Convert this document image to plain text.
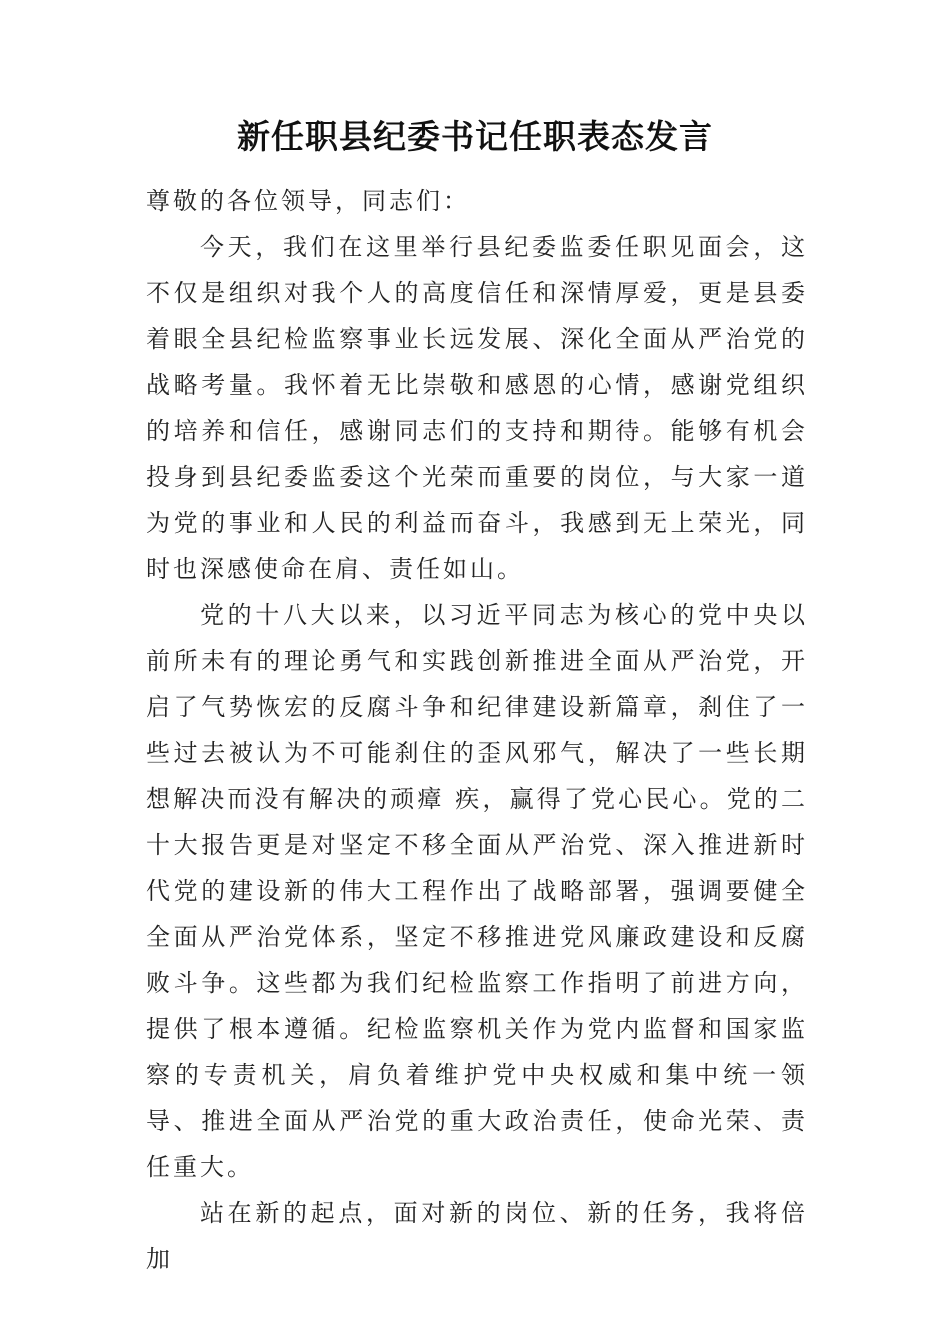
新任职县纪委书记任职表态发言

尊敬的各位领导，同志们：

今天，我们在这里举行县纪委监委任职见面会，这不仅是组织对我个人的高度信任和深情厚爱，更是县委着眼全县纪检监察事业长远发展、深化全面从严治党的战略考量。我怀着无比崇敬和感恩的心情，感谢党组织的培养和信任，感谢同志们的支持和期待。能够有机会投身到县纪委监委这个光荣而重要的岗位，与大家一道为党的事业和人民的利益而奋斗，我感到无上荣光，同时也深感使命在肩、责任如山。

党的十八大以来，以习近平同志为核心的党中央以前所未有的理论勇气和实践创新推进全面从严治党，开启了气势恢宏的反腐斗争和纪律建设新篇章，刹住了一些过去被认为不可能刹住的歪风邪气，解决了一些长期想解决而没有解决的顽瘴 疾，赢得了党心民心。党的二十大报告更是对坚定不移全面从严治党、深入推进新时代党的建设新的伟大工程作出了战略部署，强调要健全全面从严治党体系，坚定不移推进党风廉政建设和反腐败斗争。这些都为我们纪检监察工作指明了前进方向，提供了根本遵循。纪检监察机关作为党内监督和国家监察的专责机关，肩负着维护党中央权威和集中统一领导、推进全面从严治党的重大政治责任，使命光荣、责任重大。

站在新的起点，面对新的岗位、新的任务，我将倍加
